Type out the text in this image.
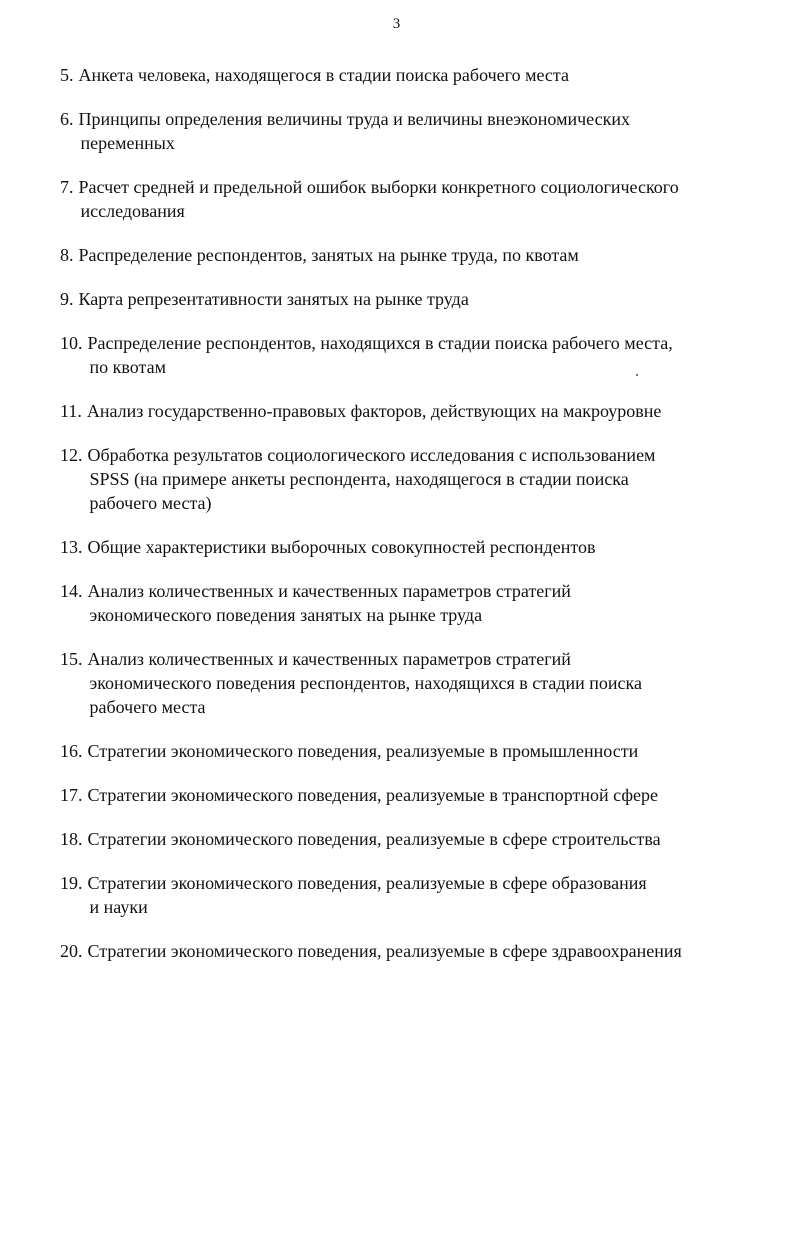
3
5. Анкета человека, находящегося в стадии поиска рабочего места
6. Принципы определения величины труда и величины внеэкономических
переменных
7. Расчет средней и предельной ошибок выборки конкретного социологического
исследования
8. Распределение респондентов, занятых на рынке труда, по квотам
9. Карта репрезентативности занятых на рынке труда
10. Распределение респондентов, находящихся в стадии поиска рабочего места,
по квотам
11. Анализ государственно-правовых факторов, действующих на макроуровне
12. Обработка результатов социологического исследования с использованием
SPSS (на примере анкеты респондента, находящегося в стадии поиска
рабочего места)
13. Общие характеристики выборочных совокупностей респондентов
14. Анализ количественных и качественных параметров стратегий
экономического поведения занятых на рынке труда
15. Анализ количественных и качественных параметров стратегий
экономического поведения респондентов, находящихся в стадии поиска
рабочего места
16. Стратегии экономического поведения, реализуемые в промышленности
17. Стратегии экономического поведения, реализуемые в транспортной сфере
18. Стратегии экономического поведения, реализуемые в сфере строительства
19. Стратегии экономического поведения, реализуемые в сфере образования
и науки
20. Стратегии экономического поведения, реализуемые в сфере здравоохранения
